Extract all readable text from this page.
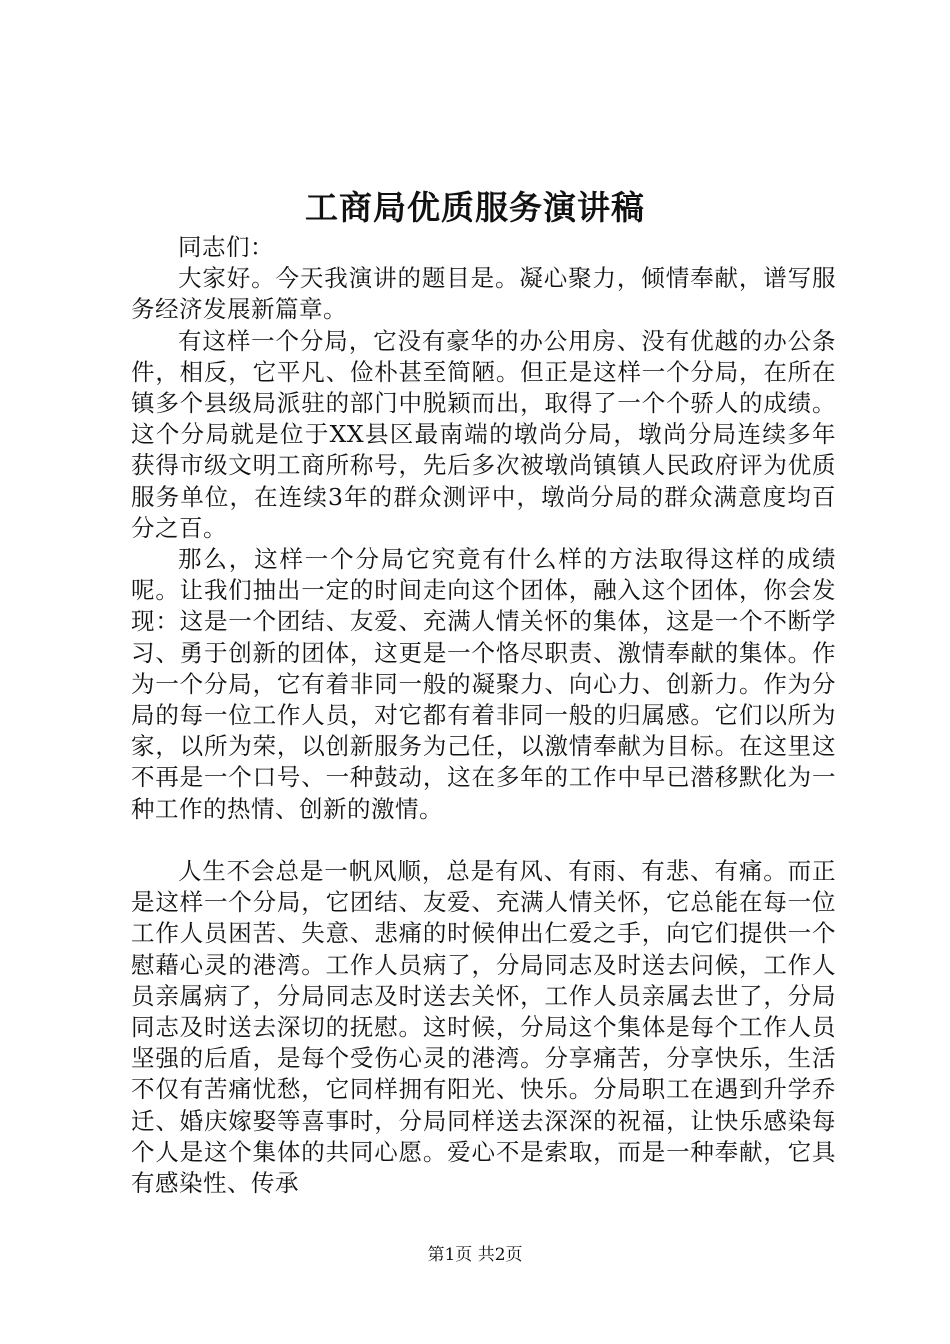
工商局优质服务演讲稿

同志们：

大家好。今天我演讲的题目是。凝心聚力，倾情奉献，谱写服务经济发展新篇章。

有这样一个分局，它没有豪华的办公用房、没有优越的办公条件，相反，它平凡、俭朴甚至简陋。但正是这样一个分局，在所在镇多个县级局派驻的部门中脱颖而出，取得了一个个骄人的成绩。这个分局就是位于XX县区最南端的墩尚分局，墩尚分局连续多年获得市级文明工商所称号，先后多次被墩尚镇镇人民政府评为优质服务单位，在连续3年的群众测评中，墩尚分局的群众满意度均百分之百。

那么，这样一个分局它究竟有什么样的方法取得这样的成绩呢。让我们抽出一定的时间走向这个团体，融入这个团体，你会发现：这是一个团结、友爱、充满人情关怀的集体，这是一个不断学习、勇于创新的团体，这更是一个恪尽职责、激情奉献的集体。作为一个分局，它有着非同一般的凝聚力、向心力、创新力。作为分局的每一位工作人员，对它都有着非同一般的归属感。它们以所为家，以所为荣，以创新服务为己任，以激情奉献为目标。在这里这不再是一个口号、一种鼓动，这在多年的工作中早已潜移默化为一种工作的热情、创新的激情。

人生不会总是一帆风顺，总是有风、有雨、有悲、有痛。而正是这样一个分局，它团结、友爱、充满人情关怀，它总能在每一位工作人员困苦、失意、悲痛的时候伸出仁爱之手，向它们提供一个慰藉心灵的港湾。工作人员病了，分局同志及时送去问候，工作人员亲属病了，分局同志及时送去关怀，工作人员亲属去世了，分局同志及时送去深切的抚慰。这时候，分局这个集体是每个工作人员坚强的后盾，是每个受伤心灵的港湾。分享痛苦，分享快乐，生活不仅有苦痛忧愁，它同样拥有阳光、快乐。分局职工在遇到升学乔迁、婚庆嫁娶等喜事时，分局同样送去深深的祝福，让快乐感染每个人是这个集体的共同心愿。爱心不是索取，而是一种奉献，它具有感染性、传承

第1页 共2页
